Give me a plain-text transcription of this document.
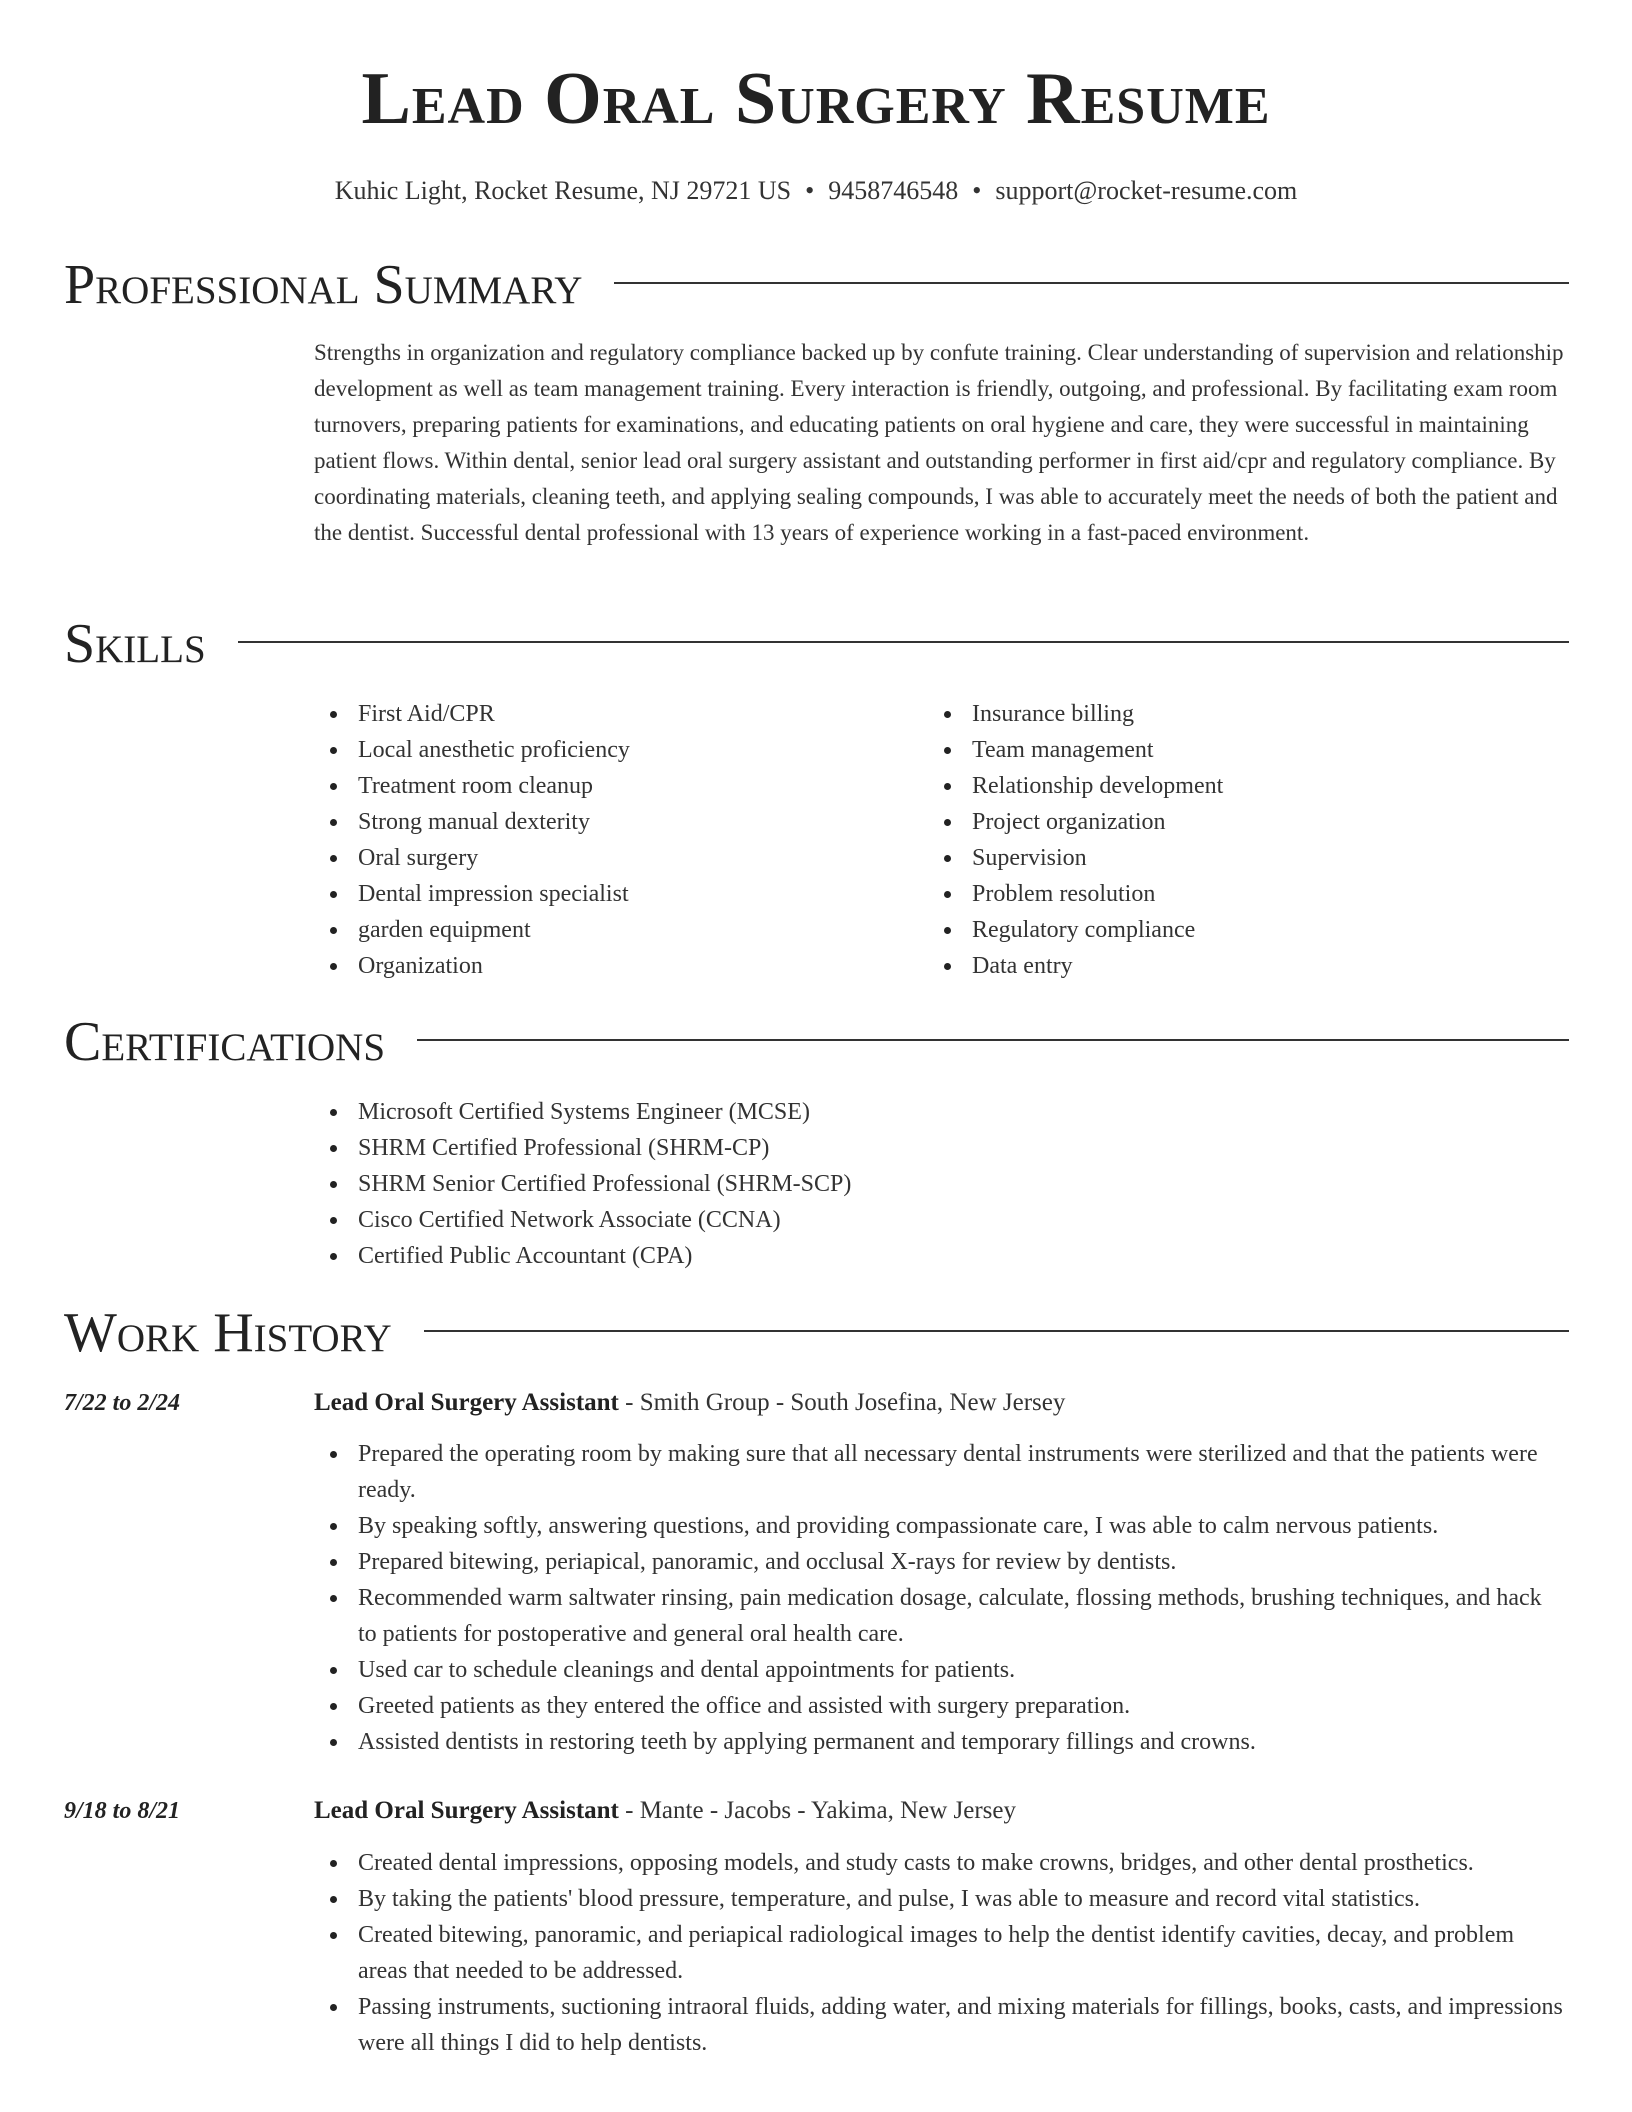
Lead Oral Surgery Resume
Kuhic Light, Rocket Resume, NJ 29721 US • 9458746548 • support@rocket-resume.com
Professional Summary

Strengths in organization and regulatory compliance backed up by confute training. Clear understanding of supervision and relationship development as well as team management training. Every interaction is friendly, outgoing, and professional. By facilitating exam room turnovers, preparing patients for examinations, and educating patients on oral hygiene and care, they were successful in maintaining patient flows. Within dental, senior lead oral surgery assistant and outstanding performer in first aid/cpr and regulatory compliance. By coordinating materials, cleaning teeth, and applying sealing compounds, I was able to accurately meet the needs of both the patient and the dentist. Successful dental professional with 13 years of experience working in a fast-paced environment.

Skills
First Aid/CPR
Local anesthetic proficiency
Treatment room cleanup
Strong manual dexterity
Oral surgery
Dental impression specialist
garden equipment
Organization
Insurance billing
Team management
Relationship development
Project organization
Supervision
Problem resolution
Regulatory compliance
Data entry
Certifications
Microsoft Certified Systems Engineer (MCSE)
SHRM Certified Professional (SHRM-CP)
SHRM Senior Certified Professional (SHRM-SCP)
Cisco Certified Network Associate (CCNA)
Certified Public Accountant (CPA)
Work History
7/22 to 2/24	Lead Oral Surgery Assistant - Smith Group - South Josefina, New Jersey
Prepared the operating room by making sure that all necessary dental instruments were sterilized and that the patients were ready.
By speaking softly, answering questions, and providing compassionate care, I was able to calm nervous patients.
Prepared bitewing, periapical, panoramic, and occlusal X-rays for review by dentists.
Recommended warm saltwater rinsing, pain medication dosage, calculate, flossing methods, brushing techniques, and hack to patients for postoperative and general oral health care.
Used car to schedule cleanings and dental appointments for patients.
Greeted patients as they entered the office and assisted with surgery preparation.
Assisted dentists in restoring teeth by applying permanent and temporary fillings and crowns.
9/18 to 8/21	Lead Oral Surgery Assistant - Mante - Jacobs - Yakima, New Jersey
Created dental impressions, opposing models, and study casts to make crowns, bridges, and other dental prosthetics.
By taking the patients' blood pressure, temperature, and pulse, I was able to measure and record vital statistics.
Created bitewing, panoramic, and periapical radiological images to help the dentist identify cavities, decay, and problem areas that needed to be addressed.
Passing instruments, suctioning intraoral fluids, adding water, and mixing materials for fillings, books, casts, and impressions were all things I did to help dentists.
